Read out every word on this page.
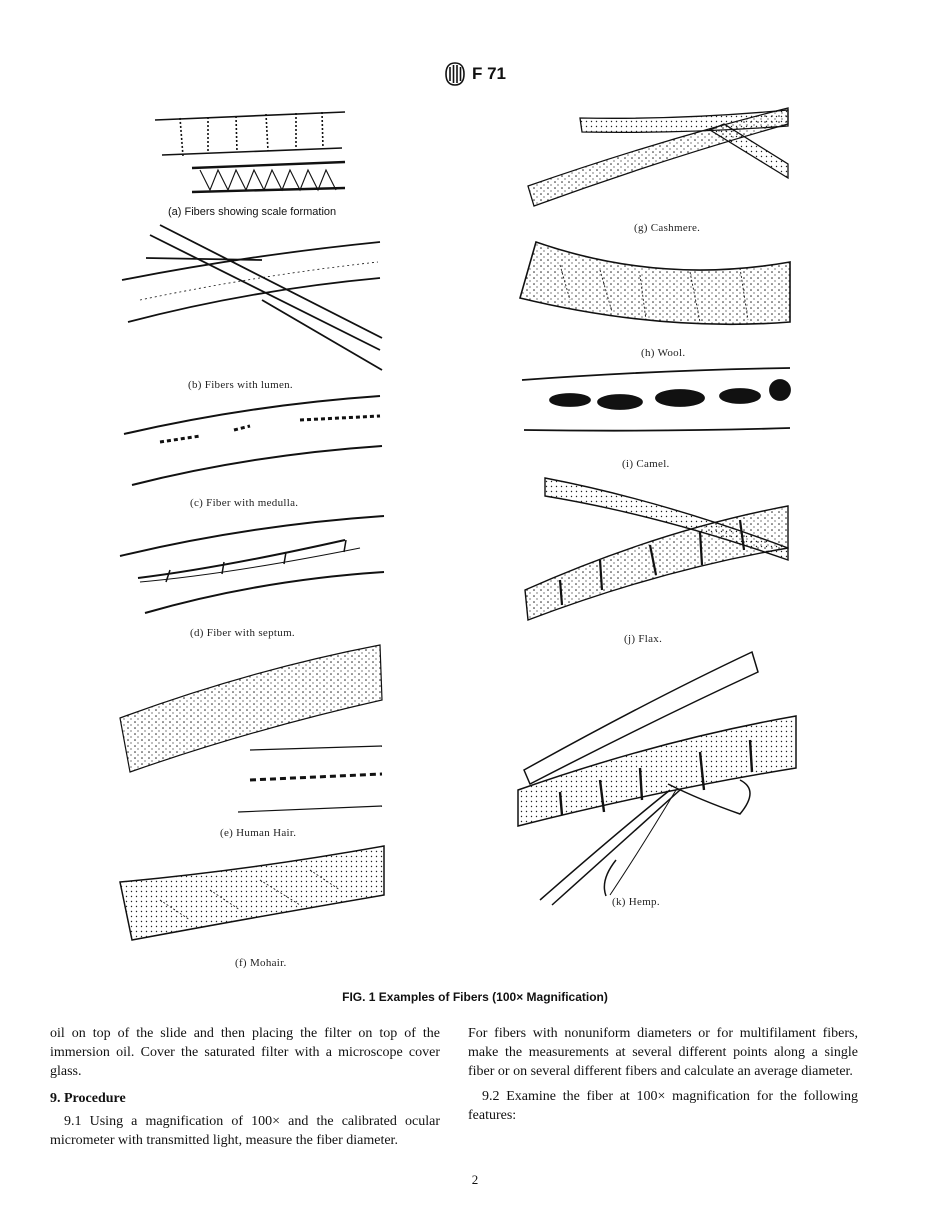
F 71
(a) Fibers showing scale formation
(b) Fibers with lumen.
(c) Fiber with medulla.
(d) Fiber with septum.
(e) Human Hair.
(f) Mohair.
(g) Cashmere.
(h) Wool.
(i) Camel.
(j) Flax.
(k) Hemp.
FIG. 1 Examples of Fibers (100× Magnification)

oil on top of the slide and then placing the filter on top of the immersion oil. Cover the saturated filter with a microscope cover glass.

9. Procedure

9.1 Using a magnification of 100× and the calibrated ocular micrometer with transmitted light, measure the fiber diameter.

For fibers with nonuniform diameters or for multifilament fibers, make the measurements at several different points along a single fiber or on several different fibers and calculate an average diameter.

9.2 Examine the fiber at 100× magnification for the following features:

2
